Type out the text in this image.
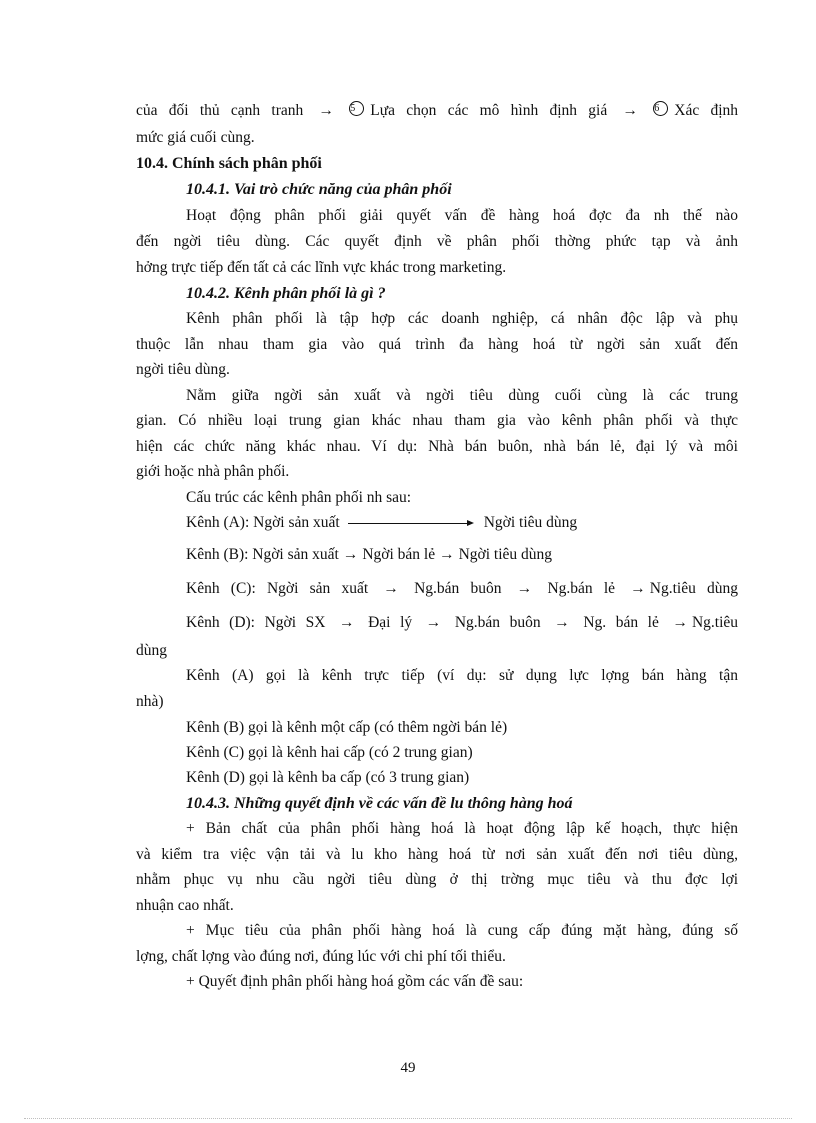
của đối thủ cạnh tranh → 5 Lựa chọn các mô hình định giá → 6 Xác định
mức giá cuối cùng.
10.4. Chính sách phân phối
10.4.1. Vai trò chức năng của phân phối
Hoạt động phân phối giải quyết vấn đề hàng hoá đợc đa nh thế nào
đến ngời tiêu dùng. Các quyết định về phân phối thờng phức tạp và ảnh
hởng trực tiếp đến tất cả các lĩnh vực khác trong marketing.
10.4.2. Kênh phân phối là gì ?
Kênh phân phối là tập hợp các doanh nghiệp, cá nhân độc lập và phụ
thuộc lẫn nhau tham gia vào quá trình đa hàng hoá từ ngời sản xuất đến
ngời tiêu dùng.
Nằm giữa ngời sản xuất và ngời tiêu dùng cuối cùng là các trung
gian. Có nhiều loại trung gian khác nhau tham gia vào kênh phân phối và thực
hiện các chức năng khác nhau. Ví dụ: Nhà bán buôn, nhà bán lẻ, đại lý và môi
giới hoặc nhà phân phối.
Cấu trúc các kênh phân phối nh sau:
Kênh (A): Ngời sản xuất	Ngời tiêu dùng
Kênh (B): Ngời sản xuất → Ngời bán lẻ → Ngời tiêu dùng
Kênh (C): Ngời sản xuất → Ng.bán buôn → Ng.bán lẻ → Ng.tiêu dùng
Kênh (D): Ngời SX → Đại lý → Ng.bán buôn → Ng. bán lẻ → Ng.tiêu
dùng
Kênh (A) gọi là kênh trực tiếp (ví dụ: sử dụng lực lợng bán hàng tận
nhà)
Kênh (B) gọi là kênh một cấp (có thêm ngời bán lẻ)
Kênh (C) gọi là kênh hai cấp (có 2 trung gian)
Kênh (D) gọi là kênh ba cấp (có 3 trung gian)
10.4.3. Những quyết định về các vấn đề lu thông hàng hoá
+ Bản chất của phân phối hàng hoá là hoạt động lập kế hoạch, thực hiện
và kiểm tra việc vận tải và lu kho hàng hoá từ nơi sản xuất đến nơi tiêu dùng,
nhằm phục vụ nhu cầu ngời tiêu dùng ở thị trờng mục tiêu và thu đợc lợi
nhuận cao nhất.
+ Mục tiêu của phân phối hàng hoá là cung cấp đúng mặt hàng, đúng số
lợng, chất lợng vào đúng nơi, đúng lúc với chi phí tối thiểu.
+ Quyết định phân phối hàng hoá gồm các vấn đề sau:
49
